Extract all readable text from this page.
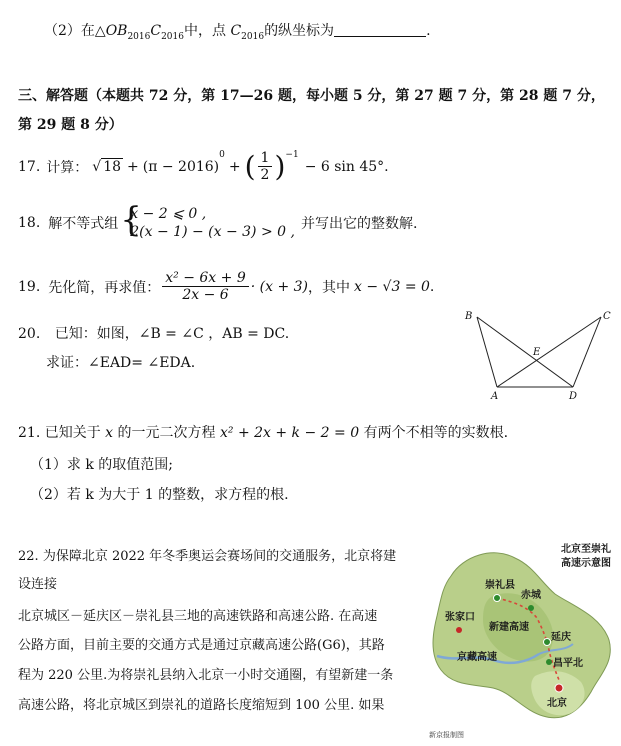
（2）在$\triangle OB_{2016}C_{2016}$中，点 $C_{2016}$的纵坐标为	.
三、解答题（本题共 72 分，第 17—26 题，每小题 5 分，第 27 题 7 分，第 28 题 7 分，
第 29 题 8 分）
17. 计算： √ 18 + (π − 2016)
$^0$
+ ( $\frac{1}{2} )^{-1}$
− 6 sin 45° .
18. 解不等式组 {
x − 2 ⩽ 0 ,
2(x − 1) − (x − 3) > 0 , 并写出它的整数解.
19. 先化简，再求值： $\frac{\text{x² − 6x + 9}}{2x - 6} \cdot (x + 3)$ ，其中 x − √3 = 0 .
20. 已知：如图，∠B = ∠C ，AB = DC.
求证：∠EAD= ∠EDA.
B	C
E
A	D
21. 已知关于 x 的一元二次方程 x² + 2x + k − 2 = 0 有两个不相等的实数根.
（1）求 k 的取值范围;
（2）若 k 为大于 1 的整数，求方程的根.
22. 为保障北京 2022 年冬季奥运会赛场间的交通服务，北京将建
设连接
北京城区－延庆区－崇礼县三地的高速铁路和高速公路. 在高速
公路方面，目前主要的交通方式是通过京藏高速公路(G6)，其路
程为 220 公里.为将崇礼县纳入北京一小时交通圈，有望新建一条
高速公路，将北京城区到崇礼的道路长度缩短到 100 公里. 如果
北京至崇礼
高速示意图
崇礼县
赤城
张家口
新建高速
延庆
京藏高速
昌平北
北京
新京报制图
